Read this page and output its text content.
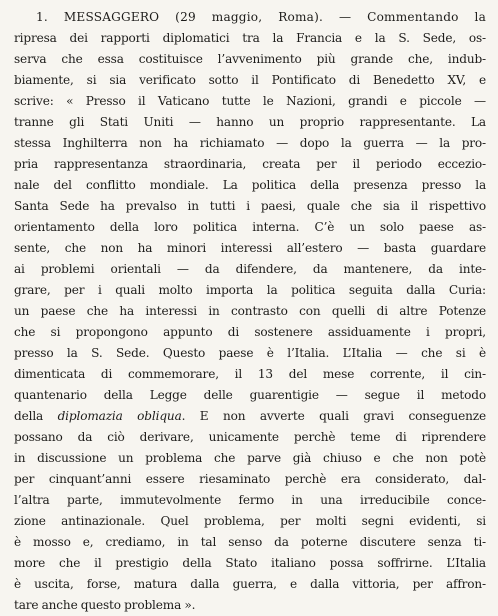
1. MESSAGGERO (29 maggio, Roma). — Commentando la
ripresa dei rapporti diplomatici tra la Francia e la S. Sede, os-
serva che essa costituisce l’avvenimento più grande che, indub-
biamente, si sia verificato sotto il Pontificato di Benedetto XV, e
scrive: « Presso il Vaticano tutte le Nazioni, grandi e piccole —
tranne gli Stati Uniti — hanno un proprio rappresentante. La
stessa Inghilterra non ha richiamato — dopo la guerra — la pro-
pria rappresentanza straordinaria, creata per il periodo ecceziо-
nale del conflitto mondiale. La politica della presenza presso la
Santa Sede ha prevalso in tutti i paesi, quale che sia il rispettivo
orientamento della loro politica interna. C’è un solo paese as-
sente, che non ha minori interessi all’estero — basta guardare
ai problemi orientali — da difendere, da mantenere, da inte-
grare, per i quali molto importa la politica seguita dalla Curia:
un paese che ha interessi in contrasto con quelli di altre Potenze
che si propongono appunto di sostenere assiduamente i propri,
presso la S. Sede. Questo paese è l’Italia. L’Italia — che si è
dimenticata di commemorare, il 13 del mese corrente, il cin-
quantenario della Legge delle guarentigie — segue il metodo
della diplomazia obliqua. E non avverte quali gravi conseguenze
possano da ciò derivare, unicamente perchè teme di riprendere
in discussione un problema che parve già chiuso e che non potè
per cinquant’anni essere riesaminato perchè era considerato, dal-
l’altra parte, immutevolmente fermo in una irreducibile conce-
zione antinazionale. Quel problema, per molti segni evidenti, si
è mosso e, crediamo, in tal senso da poterne discutere senza ti-
more che il prestigio della Stato italiano possa soffrirne. L’Italia
è uscita, forse, matura dalla guerra, e dalla vittoria, per affron-
tare anche questo problema ».
